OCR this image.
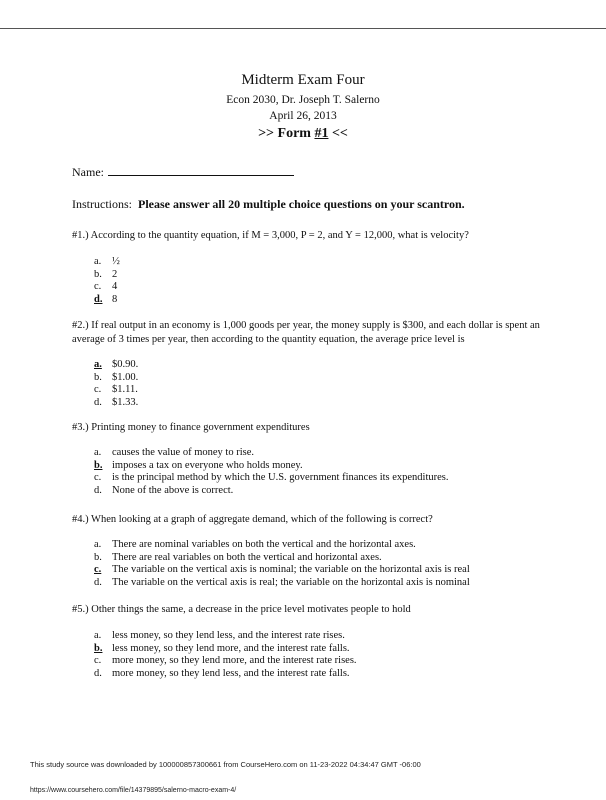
Midterm Exam Four
Econ 2030, Dr. Joseph T. Salerno
April 26, 2013
>> Form #1 <<
Name:
Instructions: Please answer all 20 multiple choice questions on your scantron.
#1.) According to the quantity equation, if M = 3,000, P = 2, and Y = 12,000, what is velocity?
a. ½
b. 2
c. 4
d. 8
#2.) If real output in an economy is 1,000 goods per year, the money supply is $300, and each dollar is spent an average of 3 times per year, then according to the quantity equation, the average price level is
a. $0.90.
b. $1.00.
c. $1.11.
d. $1.33.
#3.) Printing money to finance government expenditures
a. causes the value of money to rise.
b. imposes a tax on everyone who holds money.
c. is the principal method by which the U.S. government finances its expenditures.
d. None of the above is correct.
#4.) When looking at a graph of aggregate demand, which of the following is correct?
a. There are nominal variables on both the vertical and the horizontal axes.
b. There are real variables on both the vertical and horizontal axes.
c. The variable on the vertical axis is nominal; the variable on the horizontal axis is real
d. The variable on the vertical axis is real; the variable on the horizontal axis is nominal
#5.) Other things the same, a decrease in the price level motivates people to hold
a. less money, so they lend less, and the interest rate rises.
b. less money, so they lend more, and the interest rate falls.
c. more money, so they lend more, and the interest rate rises.
d. more money, so they lend less, and the interest rate falls.
This study source was downloaded by 100000857300661 from CourseHero.com on 11-23-2022 04:34:47 GMT -06:00
https://www.coursehero.com/file/14379895/salerno-macro-exam-4/
